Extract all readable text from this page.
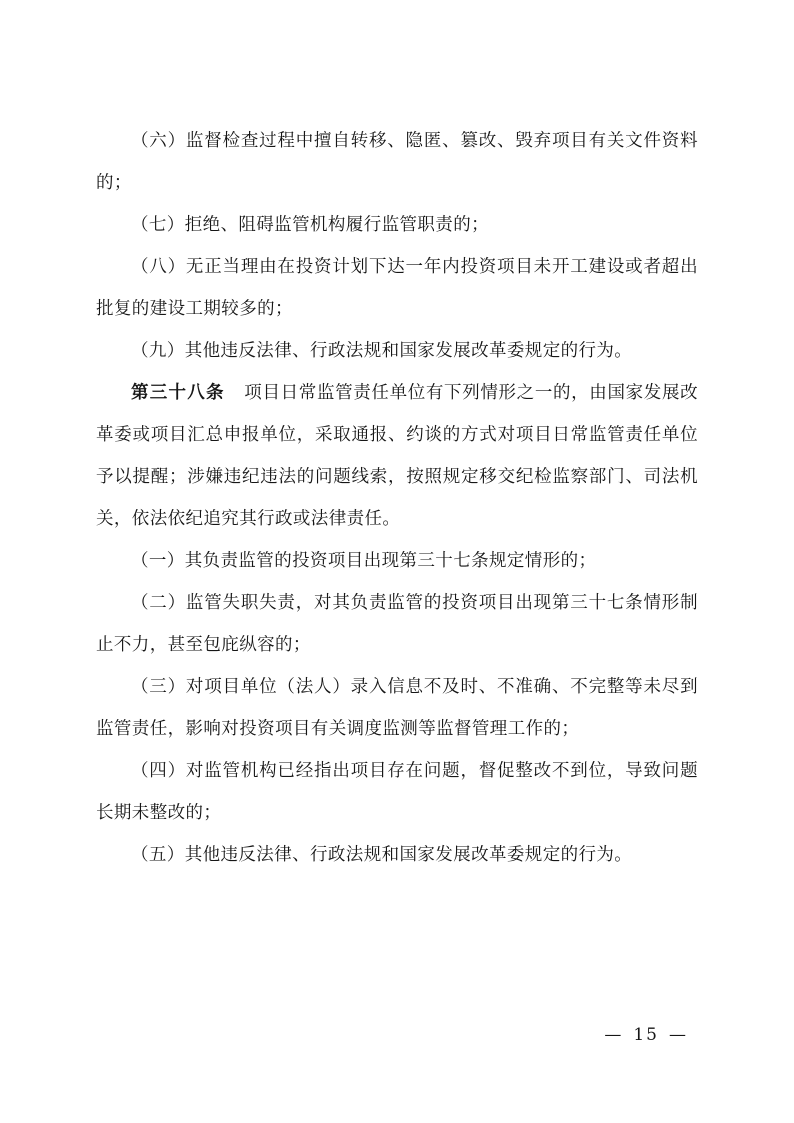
（六）监督检查过程中擅自转移、隐匿、篡改、毁弃项目有关文件资料的；

（七）拒绝、阻碍监管机构履行监管职责的；

（八）无正当理由在投资计划下达一年内投资项目未开工建设或者超出批复的建设工期较多的；

（九）其他违反法律、行政法规和国家发展改革委规定的行为。

第三十八条 项目日常监管责任单位有下列情形之一的，由国家发展改革委或项目汇总申报单位，采取通报、约谈的方式对项目日常监管责任单位予以提醒；涉嫌违纪违法的问题线索，按照规定移交纪检监察部门、司法机关，依法依纪追究其行政或法律责任。

（一）其负责监管的投资项目出现第三十七条规定情形的；

（二）监管失职失责，对其负责监管的投资项目出现第三十七条情形制止不力，甚至包庇纵容的；

（三）对项目单位（法人）录入信息不及时、不准确、不完整等未尽到监管责任，影响对投资项目有关调度监测等监督管理工作的；

（四）对监管机构已经指出项目存在问题，督促整改不到位，导致问题长期未整改的；

（五）其他违反法律、行政法规和国家发展改革委规定的行为。

— 15 —
